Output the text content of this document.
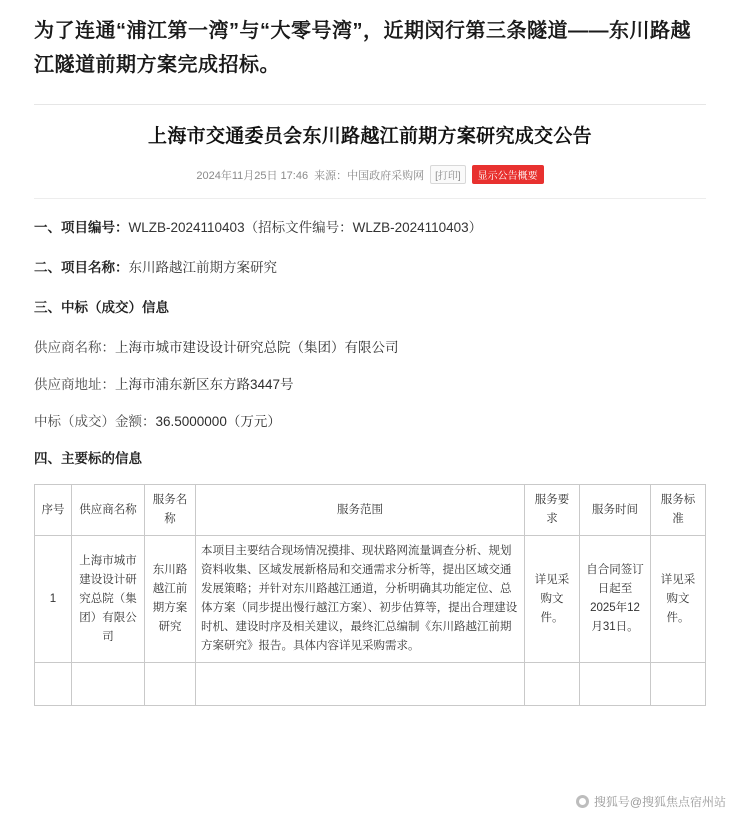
为了连通“浦江第一湾”与“大零号湾”，近期闵行第三条隧道——东川路越江隧道前期方案完成招标。
上海市交通委员会东川路越江前期方案研究成交公告
2024年11月25日 17:46 来源：中国政府采购网	[打印]	显示公告概要
一、项目编号：WLZB-2024110403（招标文件编号：WLZB-2024110403）
二、项目名称：东川路越江前期方案研究
三、中标（成交）信息
供应商名称：上海市城市建设设计研究总院（集团）有限公司
供应商地址：上海市浦东新区东方路3447号
中标（成交）金额：36.5000000（万元）
四、主要标的信息
序号	供应商名称	服务名称	服务范围	服务要求	服务时间	服务标准
1	上海市城市建设设计研究总院（集团）有限公司	东川路越江前期方案研究	本项目主要结合现场情况摸排、现状路网流量调查分析、规划资料收集、区域发展新格局和交通需求分析等，提出区域交通发展策略；并针对东川路越江通道，分析明确其功能定位、总体方案（同步提出慢行越江方案）、初步估算等，提出合理建设时机、建设时序及相关建议，最终汇总编制《东川路越江前期方案研究》报告。具体内容详见采购需求。	详见采购文件。	自合同签订日起至2025年12月31日。	详见采购文件。

搜狐号@搜狐焦点宿州站
